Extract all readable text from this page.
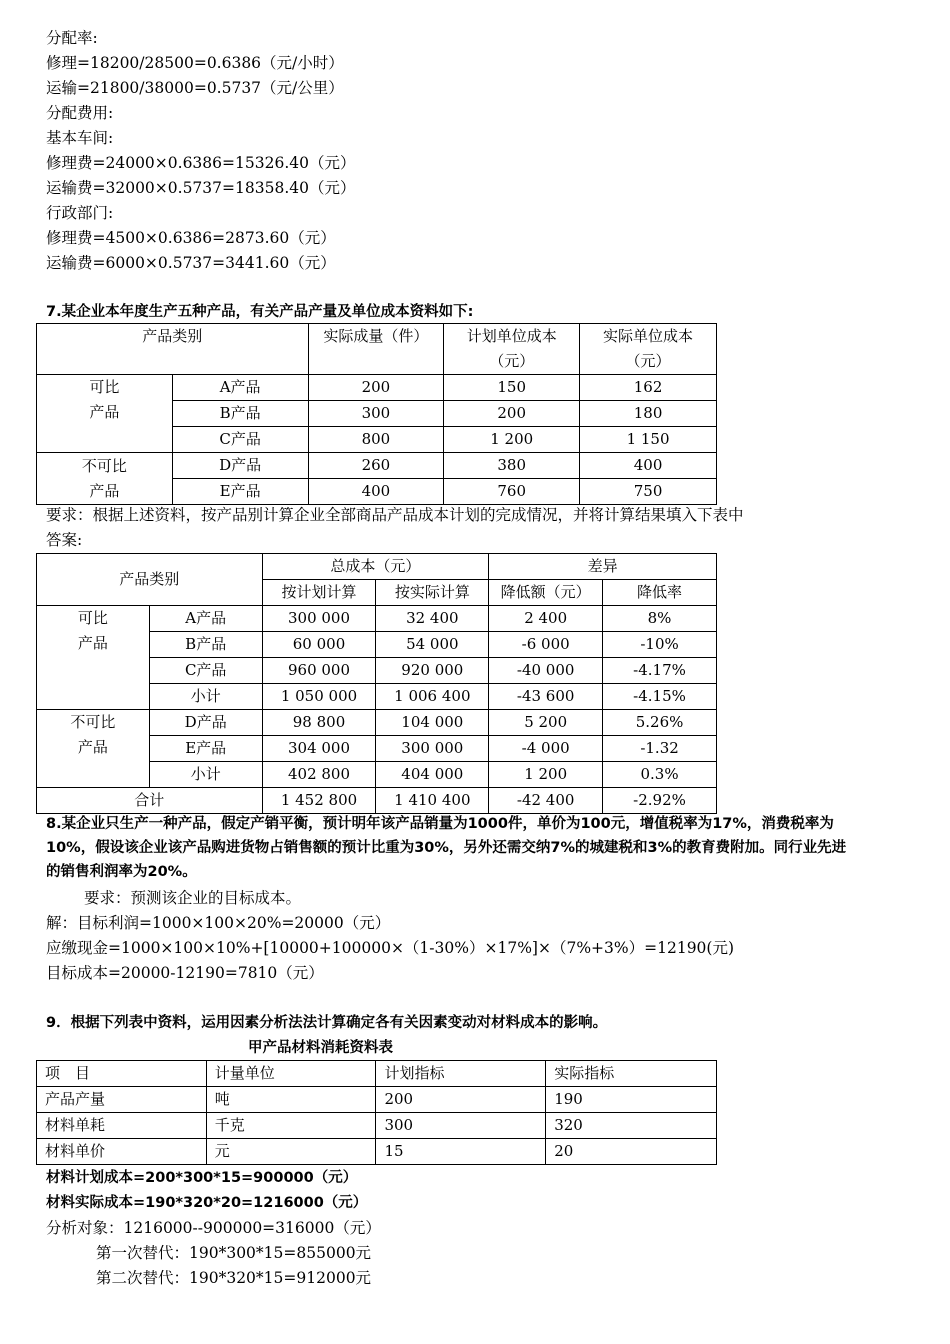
分配率:
修理=18200/28500=0.6386（元/小时）
运输=21800/38000=0.5737（元/公里）
分配费用:
基本车间:
修理费=24000×0.6386=15326.40（元）
运输费=32000×0.5737=18358.40（元）
行政部门:
修理费=4500×0.6386=2873.60（元）
运输费=6000×0.5737=3441.60（元）
7.某企业本年度生产五种产品，有关产品产量及单位成本资料如下:
产品类别		实际成量（件）	计划单位成本
（元）	实际单位成本
（元）
可比
产品	A产品	200	150	162
	B产品	300	200	180
	C产品	800	1 200	1 150
不可比
产品	D产品	260	380	400
	E产品	400	760	750
要求：根据上述资料，按产品别计算企业全部商品产品成本计划的完成情况，并将计算结果填入下表中
答案:
产品类别		总成本（元）		差异	
		按计划计算	按实际计算	降低额（元）	降低率
可比
产品	A产品	300 000	32 400	2 400	8%
	B产品	60 000	54 000	-6 000	-10%
	C产品	960 000	920 000	-40 000	-4.17%
	小计	1 050 000	1 006 400	-43 600	-4.15%
不可比
产品	D产品	98 800	104 000	5 200	5.26%
	E产品	304 000	300 000	-4 000	-1.32
	小计	402 800	404 000	1 200	0.3%
合计		1 452 800	1 410 400	-42 400	-2.92%
8.某企业只生产一种产品，假定产销平衡，预计明年该产品销量为1000件，单价为100元，增值税率为17%，消费税率为
10%，假设该企业该产品购进货物占销售额的预计比重为30%，另外还需交纳7%的城建税和3%的教育费附加。同行业先进
的销售利润率为20%。
要求：预测该企业的目标成本。
解：目标利润=1000×100×20%=20000（元）
应缴现金=1000×100×10%+[10000+100000×（1-30%）×17%]×（7%+3%）=12190(元)
目标成本=20000-12190=7810（元）
9．根据下列表中资料，运用因素分析法法计算确定各有关因素变动对材料成本的影响。
甲产品材料消耗资料表
项　目	计量单位	计划指标	实际指标
产品产量	吨	200	190
材料单耗	千克	300	320
材料单价	元	15	20
材料计划成本=200*300*15=900000（元）
材料实际成本=190*320*20=1216000（元）
分析对象：1216000--900000=316000（元）
第一次替代：190*300*15=855000元
第二次替代：190*320*15=912000元
